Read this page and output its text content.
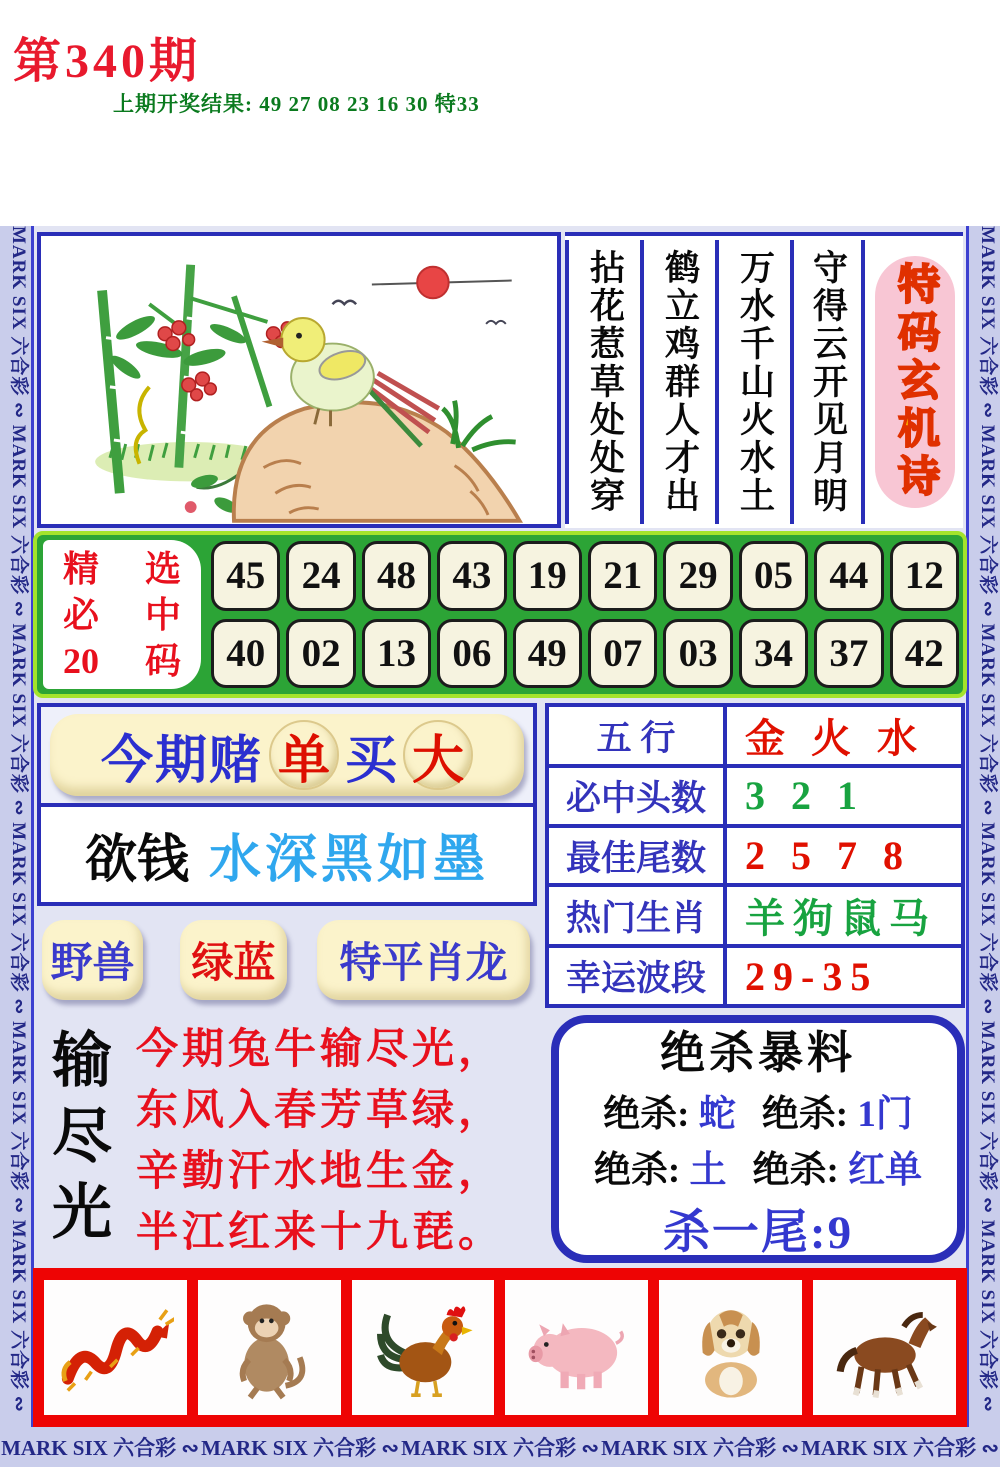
第340期
上期开奖结果: 49 27 08 23 16 30 特33
MARK SIX 六合彩 ∾ MARK SIX 六合彩 ∾ MARK SIX 六合彩 ∾ MARK SIX 六合彩 ∾ MARK SIX 六合彩 ∾ MARK SIX 六合彩 ∾	MARK SIX 六合彩 ∾ MARK SIX 六合彩 ∾ MARK SIX 六合彩 ∾ MARK SIX 六合彩 ∾ MARK SIX 六合彩 ∾ MARK SIX 六合彩 ∾
拈花惹草处处穿 鹤立鸡群人才出 万水千山火水土 守得云开见月明 特码玄机诗
精 选
必 中
20 码
45 24 48 43 19 21 29 05 44 12
40 02 13 06 49 07 03 34 37 42
今期赌 单 买 大
欲钱 水深黑如墨
野兽 绿蓝 特平肖龙
五 行	金 火 水
必中头数 3 2 1
最佳尾数 2 5 7 8
热门生肖 羊狗鼠马
幸运波段 29-35
输
尽
光
今期兔牛输尽光，
东风入春芳草绿，
辛勤汗水地生金，
半江红来十九琵。
绝杀暴料
绝杀: 蛇 绝杀: 1门
绝杀: 土 绝杀: 红单
杀一尾:9
MARK SIX 六合彩 ∾ MARK SIX 六合彩 ∾ MARK SIX 六合彩 ∾ MARK SIX 六合彩 ∾ MARK SIX 六合彩 ∾
